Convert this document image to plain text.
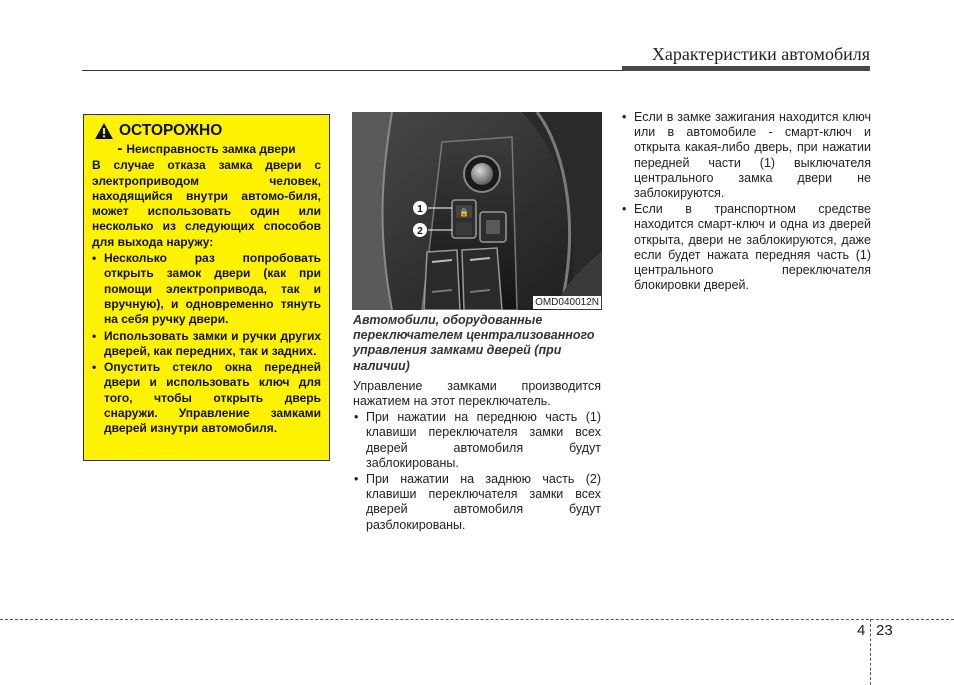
Характеристики автомобиля
ОСТОРОЖНО
- Неисправность замка двери
В случае отказа замка двери с электроприводом человек, находящийся внутри автомо-биля, может использовать один или несколько из следующих способов для выхода наружу:
• Несколько раз попробовать открыть замок двери (как при помощи электропривода, так и вручную), и одновременно тянуть на себя ручку двери.
• Использовать замки и ручки других дверей, как передних, так и задних.
• Опустить стекло окна передней двери и использовать ключ для того, чтобы открыть дверь снаружи. Управление замками дверей изнутри автомобиля.
🔒
1
2
OMD040012N
Автомобили, оборудованные переключателем централизованного управления замками дверей (при наличии)
Управление замками производится нажатием на этот переключатель.
• При нажатии на переднюю часть (1) клавиши переключателя замки всех дверей автомобиля будут заблокированы.
• При нажатии на заднюю часть (2) клавиши переключателя замки всех дверей автомобиля будут разблокированы.
• Если в замке зажигания находится ключ или в автомобиле - смарт-ключ и открыта какая-либо дверь, при нажатии передней части (1) выключателя центрального замка двери не заблокируются.
• Если в транспортном средстве находится смарт-ключ и одна из дверей открыта, двери не заблокируются, даже если будет нажата передняя часть (1) центрального переключателя блокировки дверей.
4 23
